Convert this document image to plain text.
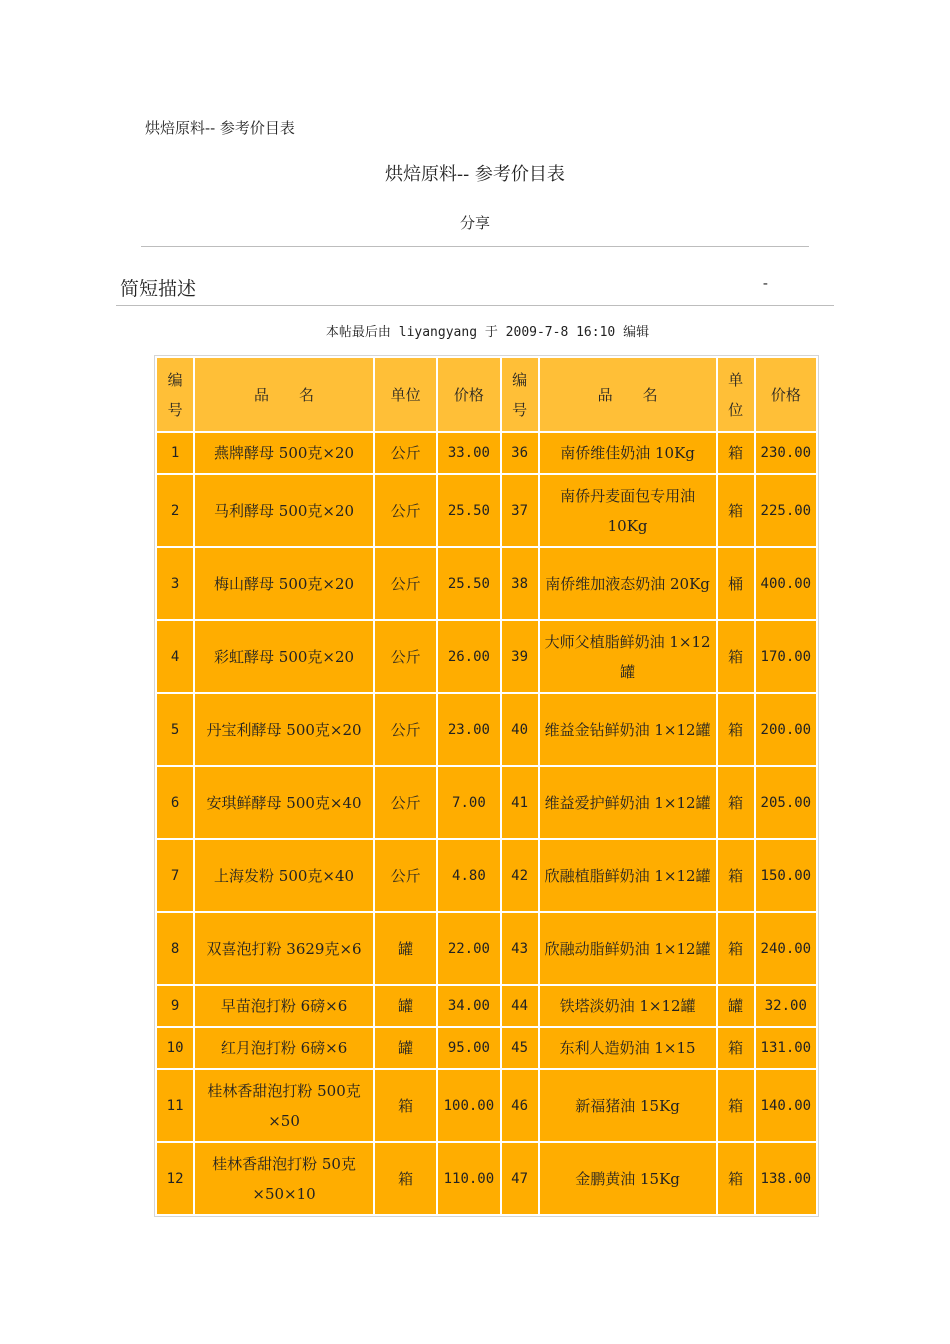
烘焙原料-- 参考价目表
烘焙原料-- 参考价目表
分享
简短描述	-
本帖最后由 liyangyang 于 2009-7-8 16:10 编辑
编号	品　　名	单位	价格	编号	品　　名	单位	价格
1	燕牌酵母 500克×20	公斤	33.00	36	南侨维佳奶油 10Kg	箱	230.00
2	马利酵母 500克×20	公斤	25.50	37	南侨丹麦面包专用油 10Kg	箱	225.00
3	梅山酵母 500克×20	公斤	25.50	38	南侨维加液态奶油 20Kg	桶	400.00
4	彩虹酵母 500克×20	公斤	26.00	39	大师父植脂鲜奶油 1×12罐	箱	170.00
5	丹宝利酵母 500克×20	公斤	23.00	40	维益金钻鲜奶油 1×12罐	箱	200.00
6	安琪鲜酵母 500克×40	公斤	7.00	41	维益爱护鲜奶油 1×12罐	箱	205.00
7	上海发粉 500克×40	公斤	4.80	42	欣融植脂鲜奶油 1×12罐	箱	150.00
8	双喜泡打粉 3629克×6	罐	22.00	43	欣融动脂鲜奶油 1×12罐	箱	240.00
9	早苗泡打粉 6磅×6	罐	34.00	44	铁塔淡奶油 1×12罐	罐	32.00
10	红月泡打粉 6磅×6	罐	95.00	45	东利人造奶油 1×15	箱	131.00
11	桂林香甜泡打粉 500克×50	箱	100.00	46	新福猪油 15Kg	箱	140.00
12	桂林香甜泡打粉 50克×50×10	箱	110.00	47	金鹏黄油 15Kg	箱	138.00
